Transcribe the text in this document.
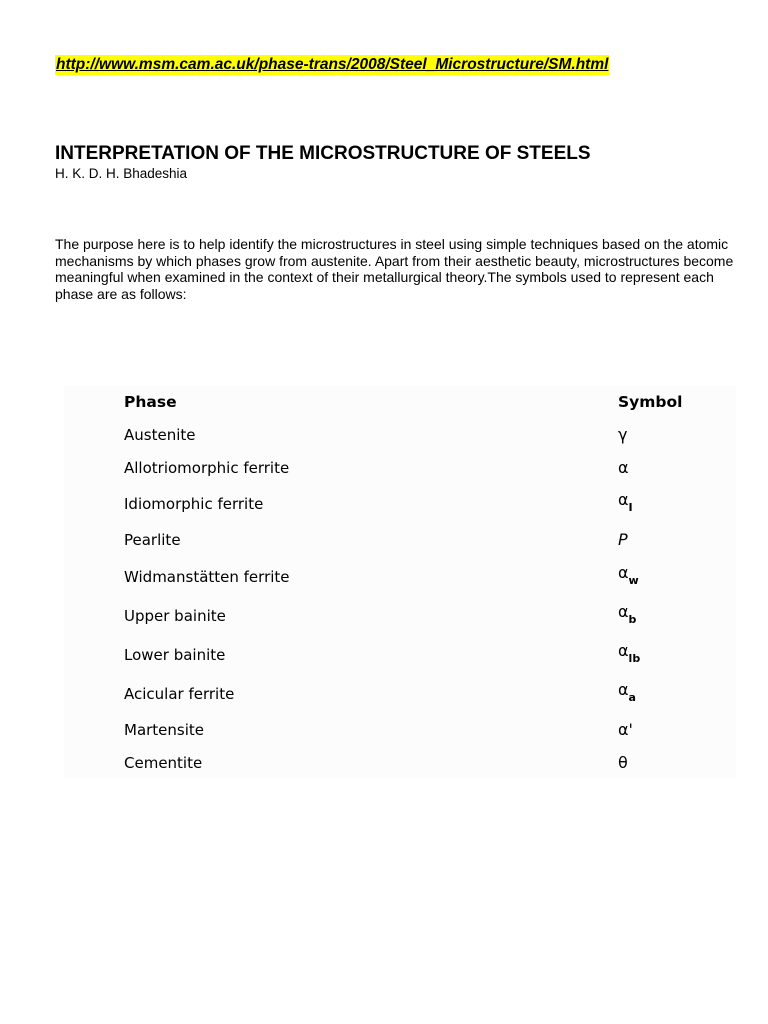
http://www.msm.cam.ac.uk/phase-trans/2008/Steel_Microstructure/SM.html
INTERPRETATION OF THE MICROSTRUCTURE OF STEELS
H. K. D. H. Bhadeshia

The purpose here is to help identify the microstructures in steel using simple techniques based on the atomic mechanisms by which phases grow from austenite. Apart from their aesthetic beauty, microstructures become meaningful when examined in the context of their metallurgical theory.The symbols used to represent each phase are as follows:

Phase	Symbol
Austenite	γ
Allotriomorphic ferrite	α
Idiomorphic ferrite	$\alpha_I$
Pearlite	P
Widmanstätten ferrite	$\alpha_w$
Upper bainite	$\alpha_b$
Lower bainite	$\alpha_{lb}$
Acicular ferrite	$\alpha_a$
Martensite	α'
Cementite	θ
